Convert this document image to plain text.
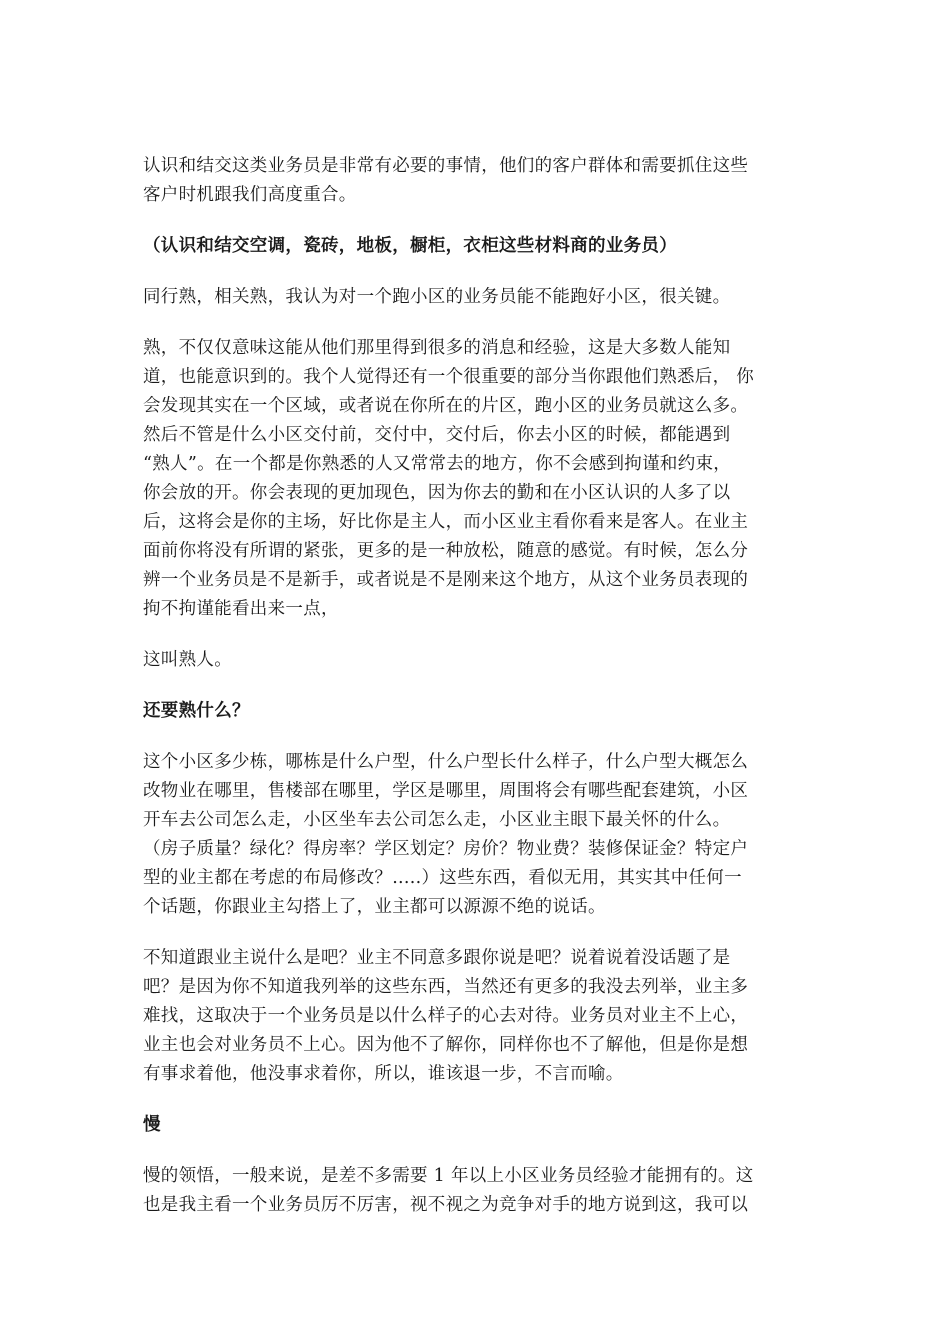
认识和结交这类业务员是非常有必要的事情，他们的客户群体和需要抓住这些
客户时机跟我们高度重合。

（认识和结交空调，瓷砖，地板，橱柜，衣柜这些材料商的业务员）

同行熟，相关熟，我认为对一个跑小区的业务员能不能跑好小区，很关键。

熟，不仅仅意味这能从他们那里得到很多的消息和经验，这是大多数人能知
道，也能意识到的。我个人觉得还有一个很重要的部分当你跟他们熟悉后， 你
会发现其实在一个区域，或者说在你所在的片区，跑小区的业务员就这么多。
然后不管是什么小区交付前，交付中，交付后，你去小区的时候，都能遇到
“熟人”。在一个都是你熟悉的人又常常去的地方，你不会感到拘谨和约束，
你会放的开。你会表现的更加现色，因为你去的勤和在小区认识的人多了以
后，这将会是你的主场，好比你是主人，而小区业主看你看来是客人。在业主
面前你将没有所谓的紧张，更多的是一种放松，随意的感觉。有时候，怎么分
辨一个业务员是不是新手，或者说是不是刚来这个地方，从这个业务员表现的
拘不拘谨能看出来一点，

这叫熟人。

还要熟什么？

这个小区多少栋，哪栋是什么户型，什么户型长什么样子，什么户型大概怎么
改物业在哪里，售楼部在哪里，学区是哪里，周围将会有哪些配套建筑，小区
开车去公司怎么走，小区坐车去公司怎么走，小区业主眼下最关怀的什么。
（房子质量？绿化？得房率？学区划定？房价？物业费？装修保证金？特定户
型的业主都在考虑的布局修改？.....）这些东西，看似无用，其实其中任何一
个话题，你跟业主勾搭上了，业主都可以源源不绝的说话。

不知道跟业主说什么是吧？业主不同意多跟你说是吧？说着说着没话题了是
吧？是因为你不知道我列举的这些东西，当然还有更多的我没去列举，业主多
难找，这取决于一个业务员是以什么样子的心去对待。业务员对业主不上心，
业主也会对业务员不上心。因为他不了解你，同样你也不了解他，但是你是想
有事求着他，他没事求着你，所以，谁该退一步，不言而喻。

慢

慢的领悟，一般来说，是差不多需要 1 年以上小区业务员经验才能拥有的。这
也是我主看一个业务员厉不厉害，视不视之为竞争对手的地方说到这，我可以
